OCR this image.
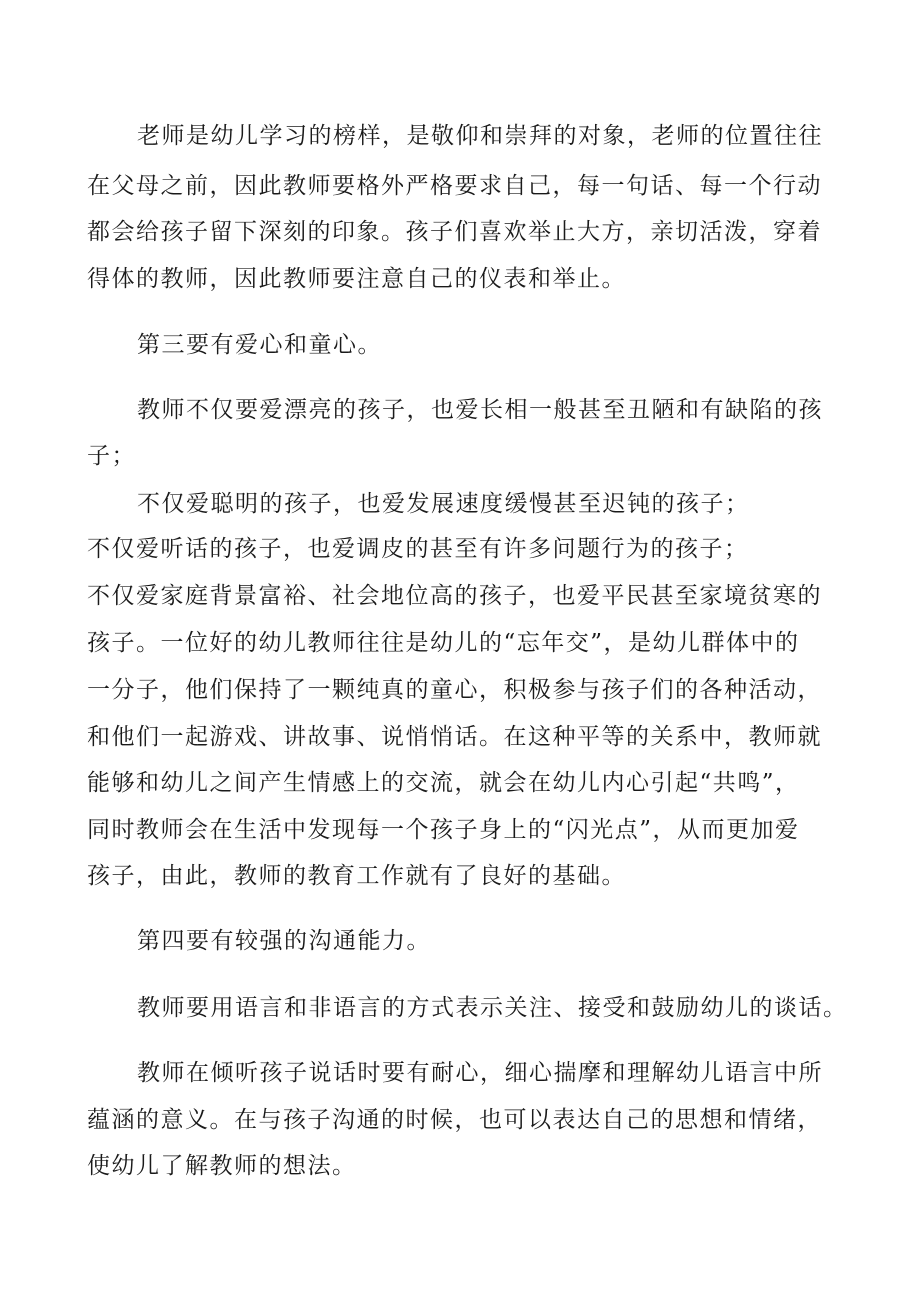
老师是幼儿学习的榜样，是敬仰和崇拜的对象，老师的位置往往
在父母之前，因此教师要格外严格要求自己，每一句话、每一个行动
都会给孩子留下深刻的印象。孩子们喜欢举止大方，亲切活泼，穿着
得体的教师，因此教师要注意自己的仪表和举止。
第三要有爱心和童心。
教师不仅要爱漂亮的孩子，也爱长相一般甚至丑陋和有缺陷的孩
子；
不仅爱聪明的孩子，也爱发展速度缓慢甚至迟钝的孩子；
不仅爱听话的孩子，也爱调皮的甚至有许多问题行为的孩子；
不仅爱家庭背景富裕、社会地位高的孩子，也爱平民甚至家境贫寒的
孩子。一位好的幼儿教师往往是幼儿的“忘年交”，是幼儿群体中的
一分子，他们保持了一颗纯真的童心，积极参与孩子们的各种活动，
和他们一起游戏、讲故事、说悄悄话。在这种平等的关系中，教师就
能够和幼儿之间产生情感上的交流，就会在幼儿内心引起“共鸣”，
同时教师会在生活中发现每一个孩子身上的“闪光点”，从而更加爱
孩子，由此，教师的教育工作就有了良好的基础。
第四要有较强的沟通能力。
教师要用语言和非语言的方式表示关注、接受和鼓励幼儿的谈话。
教师在倾听孩子说话时要有耐心，细心揣摩和理解幼儿语言中所
蕴涵的意义。在与孩子沟通的时候，也可以表达自己的思想和情绪，
使幼儿了解教师的想法。
